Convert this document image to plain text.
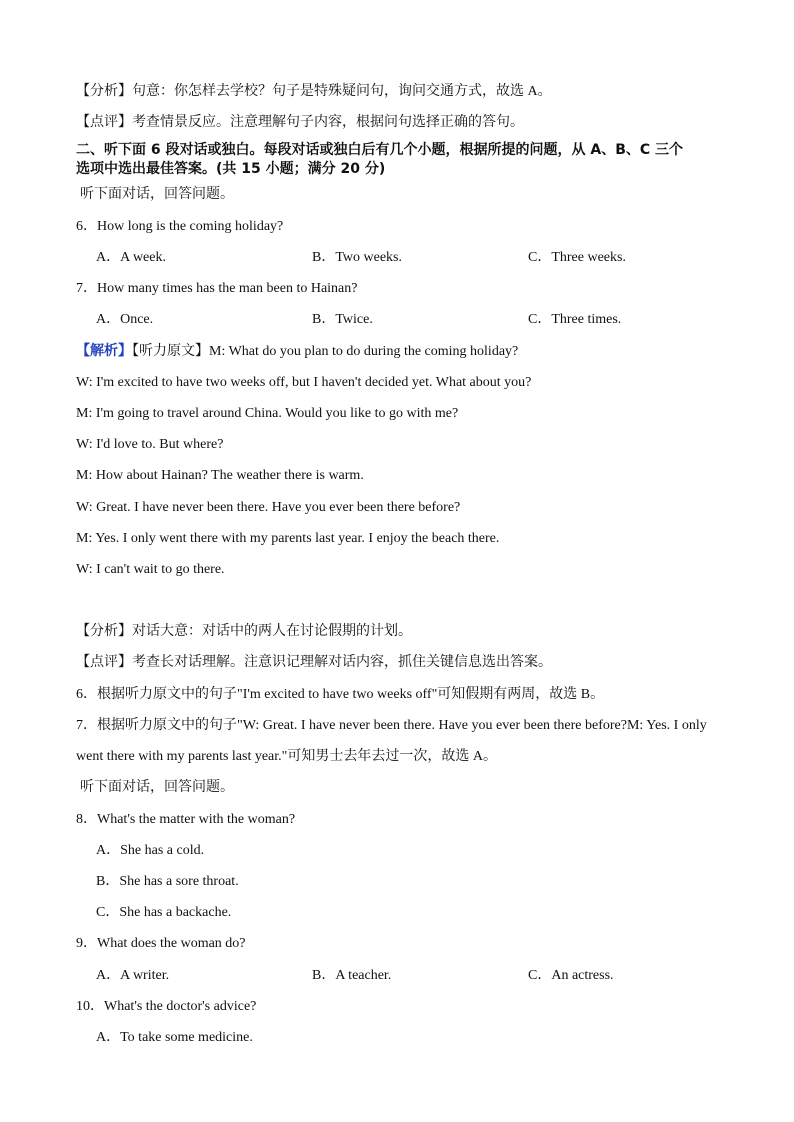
【分析】句意：你怎样去学校？句子是特殊疑问句，询问交通方式，故选 A。
【点评】考查情景反应。注意理解句子内容，根据问句选择正确的答句。
二、听下面 6 段对话或独白。每段对话或独白后有几个小题，根据所提的问题，从 A、B、C 三个
选项中选出最佳答案。(共 15 小题；满分 20 分)
听下面对话，回答问题。
6．How long is the coming holiday?
A．A week.	B．Two weeks.	C．Three weeks.
7．How many times has the man been to Hainan?
A．Once.	B．Twice.	C．Three times.
【解析】【听力原文】M: What do you plan to do during the coming holiday?
W: I'm excited to have two weeks off, but I haven't decided yet. What about you?
M: I'm going to travel around China. Would you like to go with me?
W: I'd love to. But where?
M: How about Hainan? The weather there is warm.
W: Great. I have never been there. Have you ever been there before?
M: Yes. I only went there with my parents last year. I enjoy the beach there.
W: I can't wait to go there.
【分析】对话大意：对话中的两人在讨论假期的计划。
【点评】考查长对话理解。注意识记理解对话内容，抓住关键信息选出答案。
6．根据听力原文中的句子"I'm excited to have two weeks off"可知假期有两周，故选 B。
7．根据听力原文中的句子"W: Great. I have never been there. Have you ever been there before?M: Yes. I only
went there with my parents last year."可知男士去年去过一次，故选 A。
听下面对话，回答问题。
8．What's the matter with the woman?
A．She has a cold.
B．She has a sore throat.
C．She has a backache.
9．What does the woman do?
A．A writer.	B．A teacher.	C．An actress.
10．What's the doctor's advice?
A．To take some medicine.
